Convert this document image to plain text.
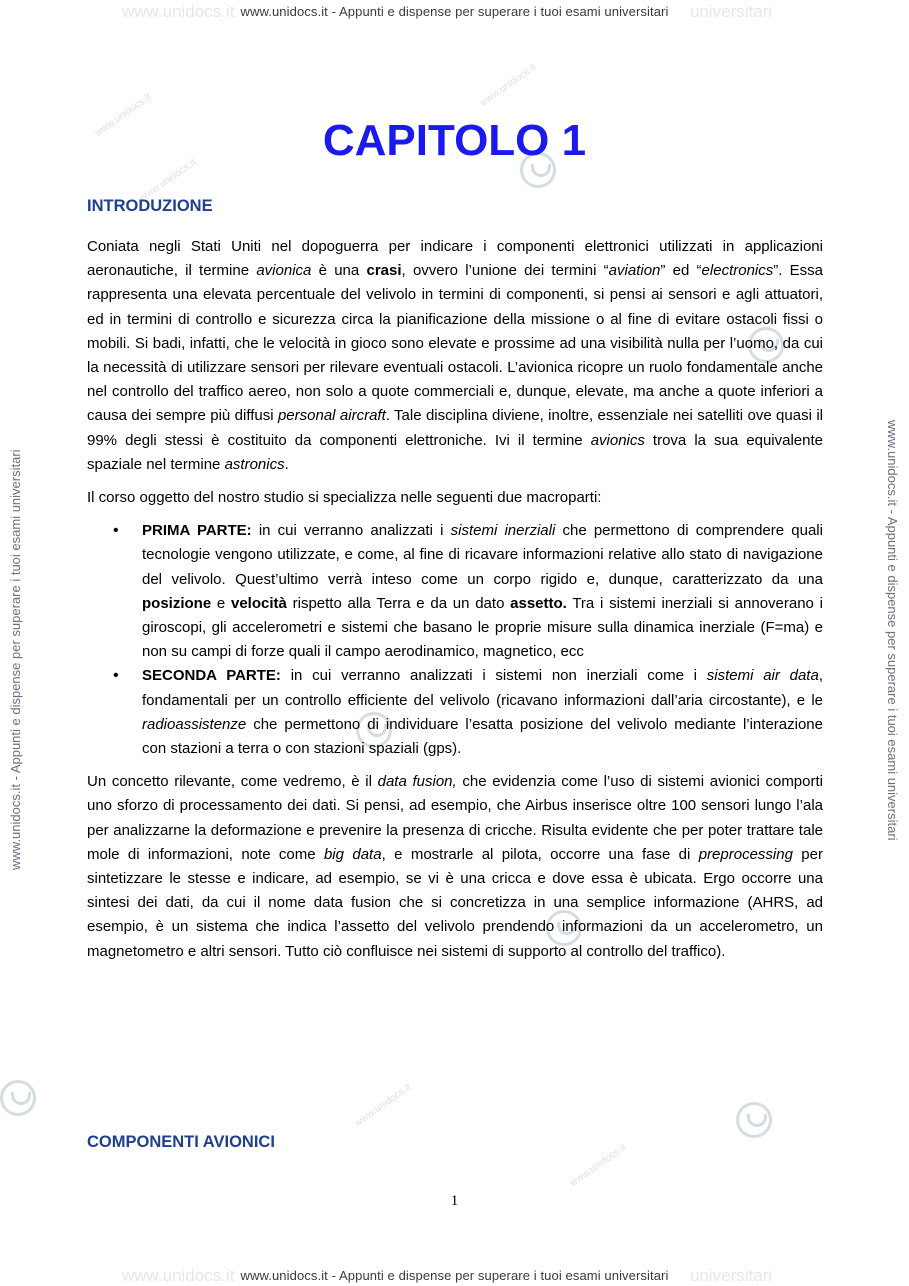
www.unidocs.it	universitari
www.unidocs.it	universitari
www.unidocs.it - Appunti e dispense per superare i tuoi esami universitari
www.unidocs.it - Appunti e dispense per superare i tuoi esami universitari
www.unidocs.it - Appunti e dispense per superare i tuoi esami universitari	www.unidocs.it - Appunti e dispense per superare i tuoi esami universitari
www.unidocs.it
www.unidocs.it
www.unidocs.it
www.unidocs.it
www.unidocs.it
CAPITOLO 1
INTRODUZIONE

Coniata negli Stati Uniti nel dopoguerra per indicare i componenti elettronici utilizzati in applicazioni aeronautiche, il termine avionica è una crasi, ovvero l’unione dei termini “aviation” ed “electronics”. Essa rappresenta una elevata percentuale del velivolo in termini di componenti, si pensi ai sensori e agli attuatori, ed in termini di controllo e sicurezza circa la pianificazione della missione o al fine di evitare ostacoli fissi o mobili. Si badi, infatti, che le velocità in gioco sono elevate e prossime ad una visibilità nulla per l’uomo, da cui la necessità di utilizzare sensori per rilevare eventuali ostacoli. L’avionica ricopre un ruolo fondamentale anche nel controllo del traffico aereo, non solo a quote commerciali e, dunque, elevate, ma anche a quote inferiori a causa dei sempre più diffusi personal aircraft. Tale disciplina diviene, inoltre, essenziale nei satelliti ove quasi il 99% degli stessi è costituito da componenti elettroniche. Ivi il termine avionics trova la sua equivalente spaziale nel termine astronics.

Il corso oggetto del nostro studio si specializza nelle seguenti due macroparti:

• PRIMA PARTE: in cui verranno analizzati i sistemi inerziali che permettono di comprendere quali tecnologie vengono utilizzate, e come, al fine di ricavare informazioni relative allo stato di navigazione del velivolo. Quest’ultimo verrà inteso come un corpo rigido e, dunque, caratterizzato da una posizione e velocità rispetto alla Terra e da un dato assetto. Tra i sistemi inerziali si annoverano i giroscopi, gli accelerometri e sistemi che basano le proprie misure sulla dinamica inerziale (F=ma) e non su campi di forze quali il campo aerodinamico, magnetico, ecc
• SECONDA PARTE: in cui verranno analizzati i sistemi non inerziali come i sistemi air data, fondamentali per un controllo efficiente del velivolo (ricavano informazioni dall’aria circostante), e le radioassistenze che permettono di individuare l’esatta posizione del velivolo mediante l’interazione con stazioni a terra o con stazioni spaziali (gps).

Un concetto rilevante, come vedremo, è il data fusion, che evidenzia come l’uso di sistemi avionici comporti uno sforzo di processamento dei dati. Si pensi, ad esempio, che Airbus inserisce oltre 100 sensori lungo l’ala per analizzarne la deformazione e prevenire la presenza di cricche. Risulta evidente che per poter trattare tale mole di informazioni, note come big data, e mostrarle al pilota, occorre una fase di preprocessing per sintetizzare le stesse e indicare, ad esempio, se vi è una cricca e dove essa è ubicata. Ergo occorre una sintesi dei dati, da cui il nome data fusion che si concretizza in una semplice informazione (AHRS, ad esempio, è un sistema che indica l’assetto del velivolo prendendo informazioni da un accelerometro, un magnetometro e altri sensori. Tutto ciò confluisce nei sistemi di supporto al controllo del traffico).

COMPONENTI AVIONICI
1
